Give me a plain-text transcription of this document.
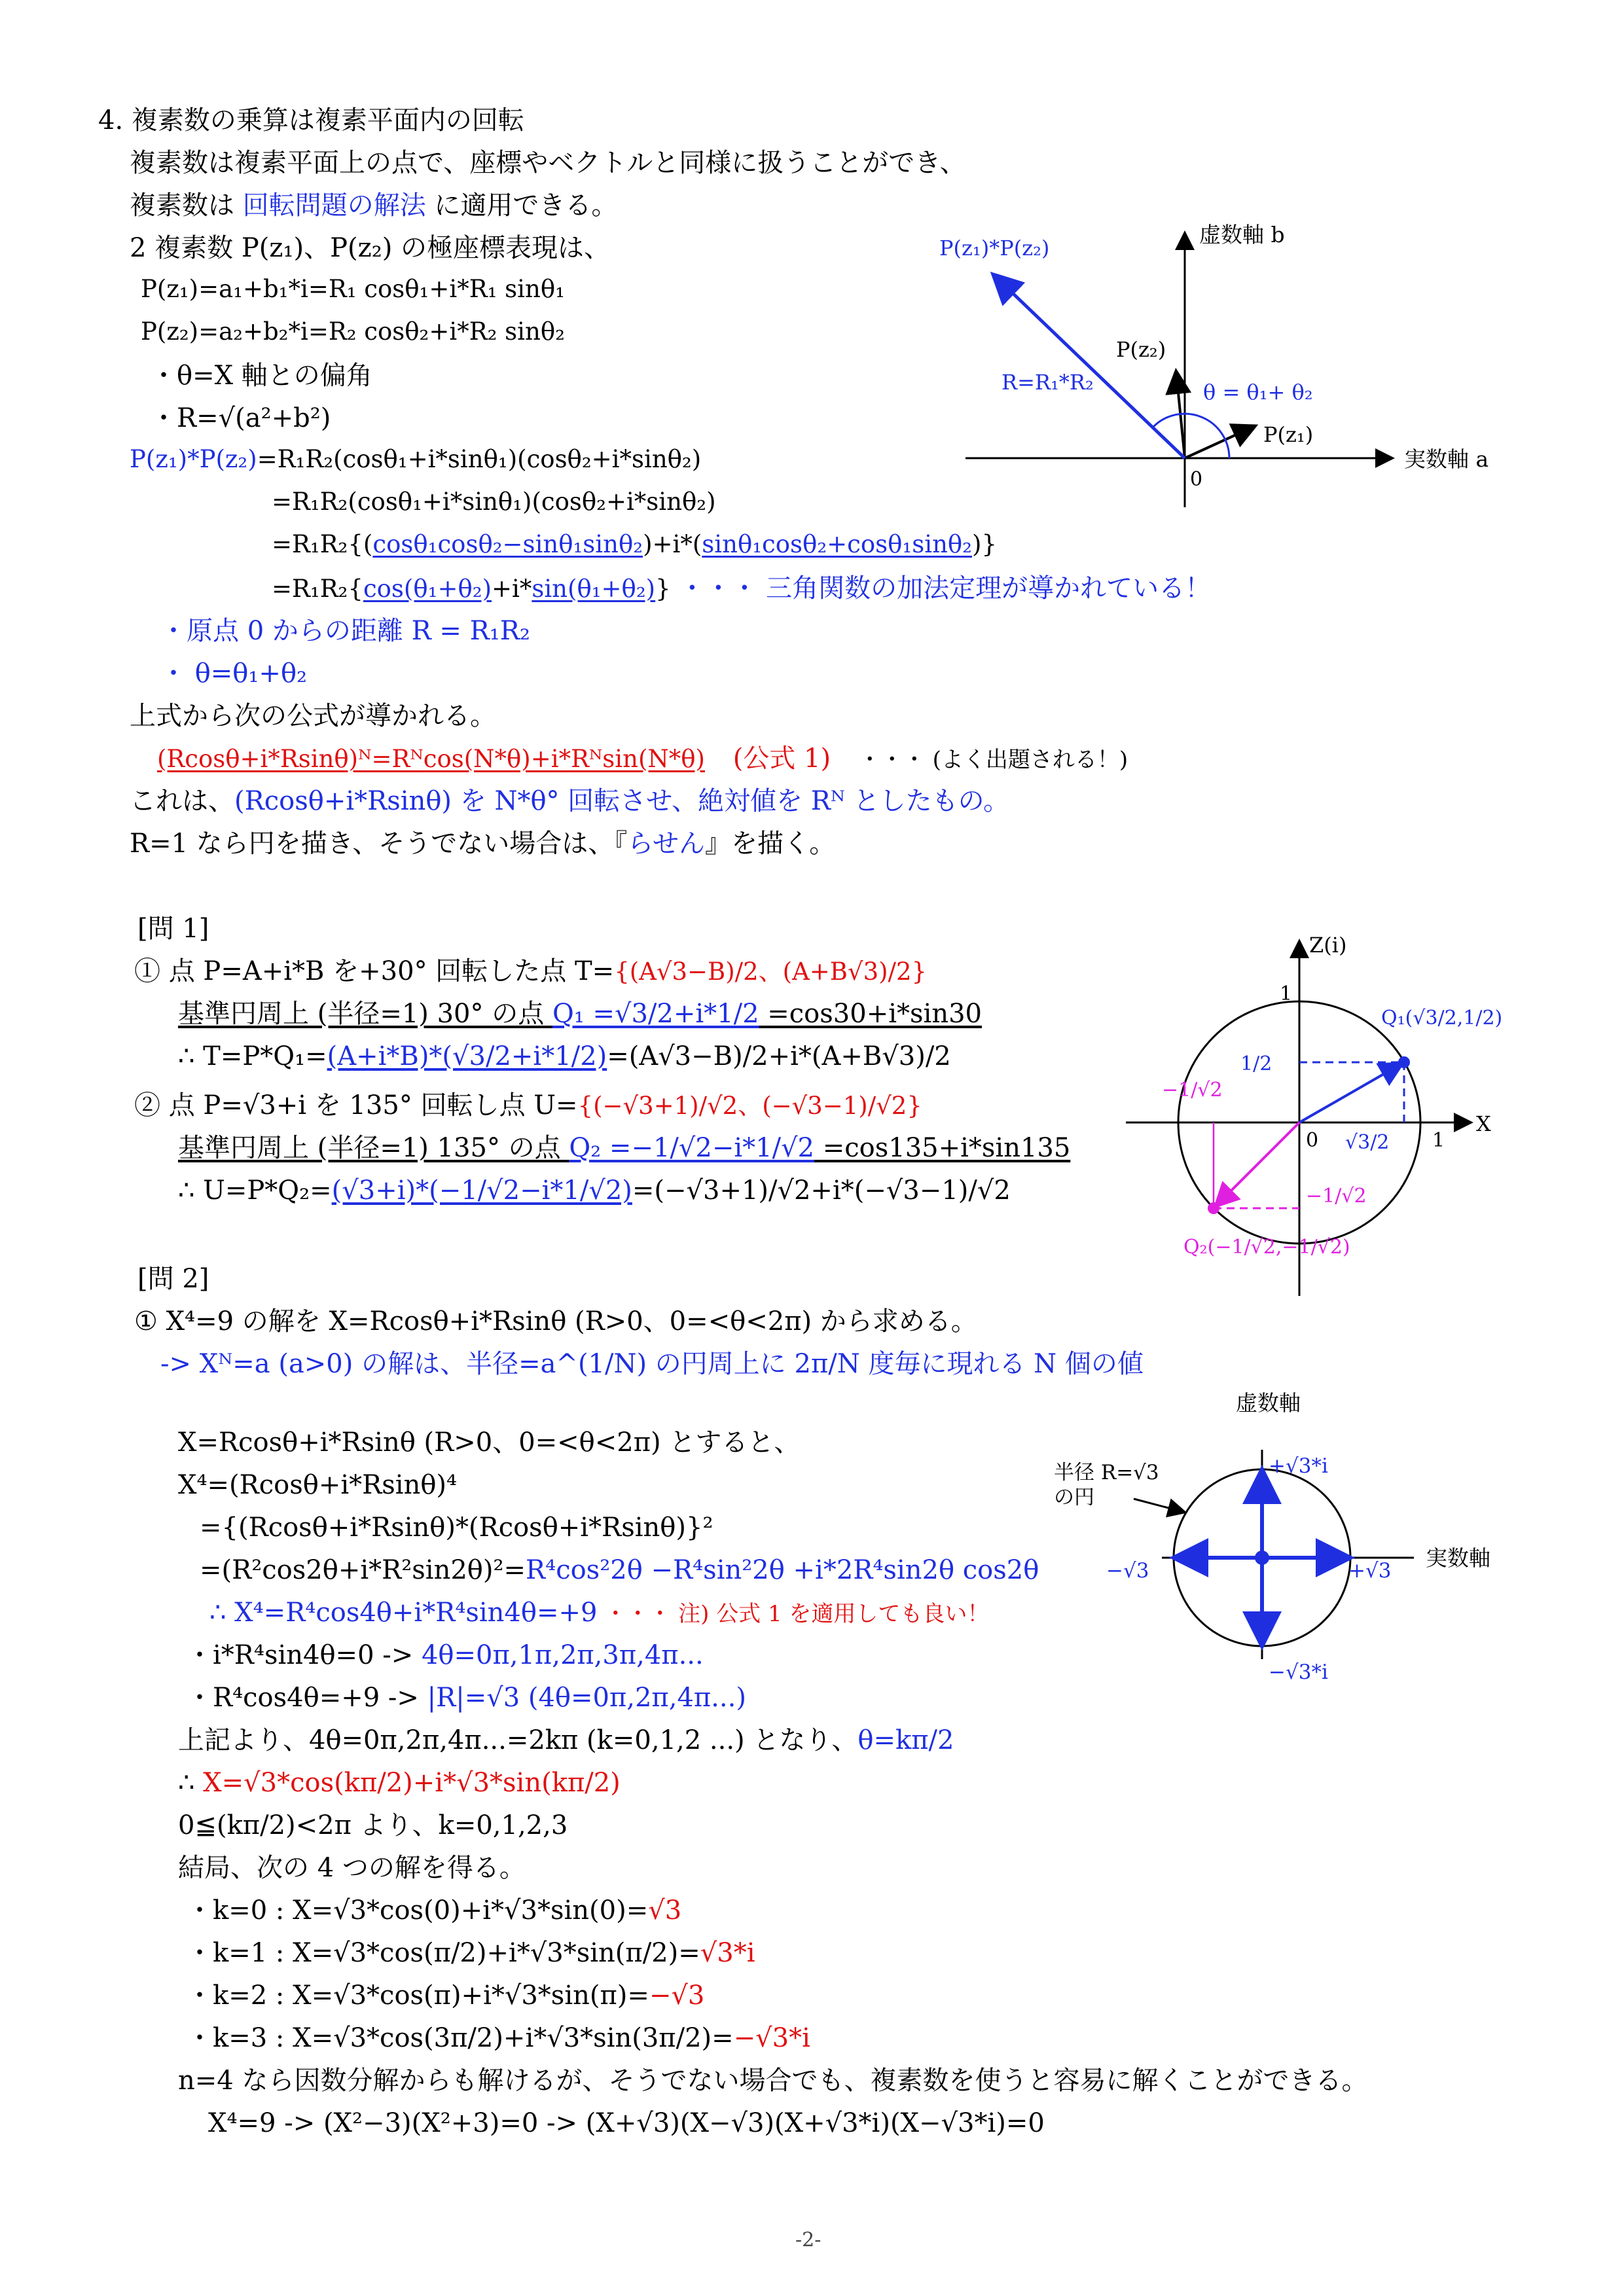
4. 複素数の乗算は複素平面内の回転
複素数は複素平面上の点で、座標やベクトルと同様に扱うことができ、
複素数は 回転問題の解法 に適用できる。
2 複素数 P(z₁)、P(z₂) の極座標表現は、
P(z₁)=a₁+b₁*i=R₁ cosθ₁+i*R₁ sinθ₁
P(z₂)=a₂+b₂*i=R₂ cosθ₂+i*R₂ sinθ₂
・θ=X 軸との偏角
・R=√(a²+b²)
P(z₁)*P(z₂)=R₁R₂(cosθ₁+i*sinθ₁)(cosθ₂+i*sinθ₂)
=R₁R₂(cosθ₁+i*sinθ₁)(cosθ₂+i*sinθ₂)
=R₁R₂{(cosθ₁cosθ₂−sinθ₁sinθ₂)+i*(sinθ₁cosθ₂+cosθ₁sinθ₂)}
=R₁R₂{cos(θ₁+θ₂)+i*sin(θ₁+θ₂)} ・・・ 三角関数の加法定理が導かれている！
・原点 0 からの距離 R = R₁R₂
・ θ=θ₁+θ₂
上式から次の公式が導かれる。
(Rcosθ+i*Rsinθ)ᴺ=Rᴺcos(N*θ)+i*Rᴺsin(N*θ) (公式 1) ・・・ (よく出題される！)
これは、(Rcosθ+i*Rsinθ) を N*θ° 回転させ、絶対値を Rᴺ としたもの。
R=1 なら円を描き、そうでない場合は、『らせん』を描く。
[問 1]
① 点 P=A+i*B を+30° 回転した点 T={(A√3−B)/2、(A+B√3)/2}
基準円周上 (半径=1) 30° の点 Q₁ =√3/2+i*1/2 =cos30+i*sin30
∴ T=P*Q₁=(A+i*B)*(√3/2+i*1/2)=(A√3−B)/2+i*(A+B√3)/2
② 点 P=√3+i を 135° 回転し点 U={(−√3+1)/√2、(−√3−1)/√2}
基準円周上 (半径=1) 135° の点 Q₂ =−1/√2−i*1/√2 =cos135+i*sin135
∴ U=P*Q₂=(√3+i)*(−1/√2−i*1/√2)=(−√3+1)/√2+i*(−√3−1)/√2
[問 2]
① X⁴=9 の解を X=Rcosθ+i*Rsinθ (R>0、0=<θ<2π) から求める。
-> Xᴺ=a (a>0) の解は、半径=a^(1/N) の円周上に 2π/N 度毎に現れる N 個の値
X=Rcosθ+i*Rsinθ (R>0、0=<θ<2π) とすると、
X⁴=(Rcosθ+i*Rsinθ)⁴
={(Rcosθ+i*Rsinθ)*(Rcosθ+i*Rsinθ)}²
=(R²cos2θ+i*R²sin2θ)²=R⁴cos²2θ −R⁴sin²2θ +i*2R⁴sin2θ cos2θ
∴ X⁴=R⁴cos4θ+i*R⁴sin4θ=+9 ・・・ 注) 公式 1 を適用しても良い！
・i*R⁴sin4θ=0 -> 4θ=0π,1π,2π,3π,4π...
・R⁴cos4θ=+9 -> |R|=√3 (4θ=0π,2π,4π...)
上記より、4θ=0π,2π,4π...=2kπ (k=0,1,2 ...) となり、θ=kπ/2
∴ X=√3*cos(kπ/2)+i*√3*sin(kπ/2)
0≦(kπ/2)<2π より、k=0,1,2,3
結局、次の 4 つの解を得る。
・k=0 : X=√3*cos(0)+i*√3*sin(0)=√3
・k=1 : X=√3*cos(π/2)+i*√3*sin(π/2)=√3*i
・k=2 : X=√3*cos(π)+i*√3*sin(π)=−√3
・k=3 : X=√3*cos(3π/2)+i*√3*sin(3π/2)=−√3*i
n=4 なら因数分解からも解けるが、そうでない場合でも、複素数を使うと容易に解くことができる。
X⁴=9 -> (X²−3)(X²+3)=0 -> (X+√3)(X−√3)(X+√3*i)(X−√3*i)=0
-2-
虚数軸 b
実数軸 a
0
P(z₁)
P(z₂)
P(z₁)*P(z₂)
R=R₁*R₂	θ = θ₁+ θ₂
Z(i)
X
1
1
0
1/2
√3/2
−1/√2
−1/√2
Q₁(√3/2,1/2)
Q₂(−1/√2,−1/√2)
虚数軸
実数軸
半径 R=√3
の円
+√3*i
−√3*i
−√3	+√3
